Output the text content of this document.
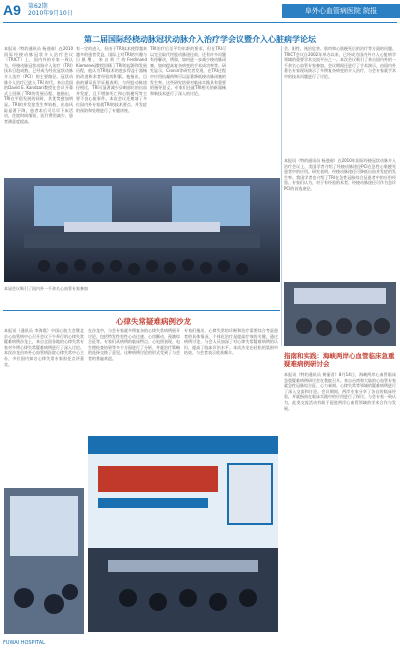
A9 第62期
2010年9月10日	阜外心血管病医院 院报
第二届国际经桡动脉冠状动脉介入治疗学会议暨介入心脏病学论坛
本报讯（特约通讯员 杨进刚）在2010 国际经桡动脉冠状介入治疗会议（TRICT）上，国内外的专家一致认为，经桡动脉冠状动脉介入治疗（TRI）技术日趋成熟，已经成为经皮冠状动脉介入治疗（PCI）的主要路径。冠状动脉介入治疗已进入 TRI 时代。来自美国的David E. Kandzari教授在会议开幕式上回顾了TRI的发展历程。他指出，TRI在平稳发展的同时，其优势愈加明显。TRI的并发症发生率较低，出血风险显著下降，患者术后可尽早下床活动，住院时间缩短，医疗费用减少，患者满意度提高。
有一定的进入，但由于TRI技术使得越来越多的患者受益，国际上对TRI的兴趣与日俱增。来自荷兰的Ferdinand Kiemeneij教授回顾了TRI的起源和发展历程，他认为TRI技术的进步得益于器械的改进和术者经验的积累。他指出，目前的循证医学证据表明，与经股动脉途径相比，TRI可显著减少穿刺部位的出血并发症，且不增加死亡和心肌梗死等主要不良心脏事件。本次会议还邀请了多位国内外专家就TRI的技术要点、并发症的预防和处理进行了专题讲座。
TRI治疗后至平均年龄的要求。但在TRI可以完全取代经股动脉途径前，还有许多问题有待解决，例如，如何进一步减少桡动脉闭塞，如何提高复杂病变的手术成功率等。研究显示，Cronin等研究者发现，在TRI过程中应用抗凝药物可以显著降低桡动脉闭塞的发生率。这些研究结果对临床实践具有重要的指导意义。专家们还就TRI相关的新器械和新技术进行了深入的讨论。
会、阳性、统治危害、肌肉和心肌梗死后的治疗等方面的问题。TRICT会议自2002年举办以来，已经成为国内外介入心脏病学领域的重要学术交流平台之一。本次会议吸引了来自国内外的一千余名心血管专家参加。会议期间还进行了手术演示，由国内外著名专家现场演示了多例复杂病变的介入治疗，与会专家就手术中的技术问题进行了讨论。
本报讯（特约通讯员 杨进刚）在2010年国际经桡冠状动脉介入治疗会议上，美国学者介绍了经桡动脉途径PCI在急性心肌梗死患者中的应用。研究表明，经桡动脉途径可降低出血并发症的发生率。我国学者也介绍了TRI在急性冠脉综合征患者中的应用经验。专家们认为，对于有经验的术者，经桡动脉途径可作为急诊PCI的首选途径。
本届会议吸引了国内外一千余名心血管专家参加
心律失常疑难病例沙龙
本报讯（通讯员 李海霞）中国心脏大会暨北京心血管病中心召开会议下午举行的心律失常疑难病例沙龙上，来自全国各地的心律失常专家对多例心律失常疑难病例进行了深入讨论。本次沙龙由阜外心血管病医院心律失常中心主办，多位国内知名心律失常专家担任点评嘉宾。
在沙龙中，与会专家就多例复杂的心律失常病例展开讨论，包括特发性室性心动过速、心房颤动、预激综合征等。专家们从病例的临床特点、心电图表现、电生理检查结果等多个方面进行了分析，并就治疗策略的选择交换了意见。这种病例讨论的形式受到了与会者的普遍欢迎。
专家们指出，心律失常的诊断和治疗需要综合考虑患者的具体情况，个体化治疗是提高疗效的关键。通过病例讨论，与会人员加深了对心律失常疑难病例的认识，提高了临床诊治水平。本次沙龙在轻松的氛围中结束，与会者表示收获颇丰。	指南和实践：海峡两岸心血管临床急重疑难病例研讨会
本报讯（特约通讯员 黄丽君）8月14日，海峡两岸心血管临床急重疑难病例研讨会在我院召开。来自台湾和大陆的心血管专家就急性冠脉综合征、心力衰竭、心律失常等领域的疑难病例进行了深入交流和讨论。会议期间，两岸专家分享了各自的临床经验，并就指南在临床实践中的应用进行了探讨。与会专家一致认为，此类交流活动有助于促进两岸心血管领域的学术合作与发展。
FUWAI HOSPITAL
